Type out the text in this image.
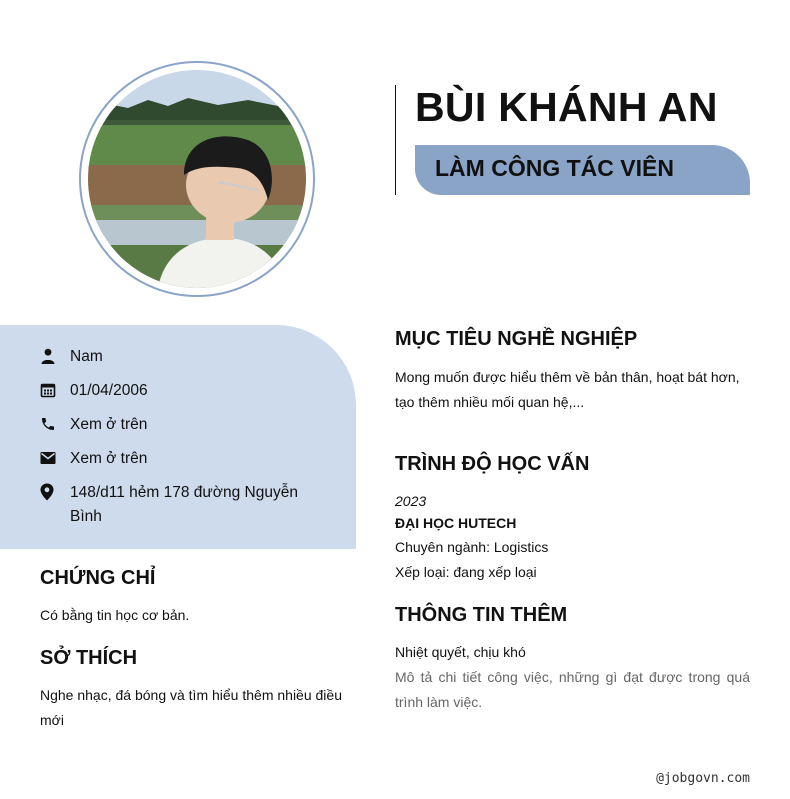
BÙI KHÁNH AN
LÀM CÔNG TÁC VIÊN
Nam
01/04/2006
Xem ở trên
Xem ở trên
148/d11 hẻm 178 đường Nguyễn Bình
CHỨNG CHỈ
Có bằng tin học cơ bản.
SỞ THÍCH
Nghe nhạc, đá bóng và tìm hiểu thêm nhiều điều mới
MỤC TIÊU NGHỀ NGHIỆP
Mong muốn được hiểu thêm về bản thân, hoạt bát hơn, tạo thêm nhiều mối quan hệ,...
TRÌNH ĐỘ HỌC VẤN
2023
ĐẠI HỌC HUTECH
Chuyên ngành: Logistics
Xếp loại: đang xếp loại
THÔNG TIN THÊM
Nhiệt quyết, chịu khó
Mô tả chi tiết công việc, những gì đạt được trong quá trình làm việc.
@jobgovn.com
